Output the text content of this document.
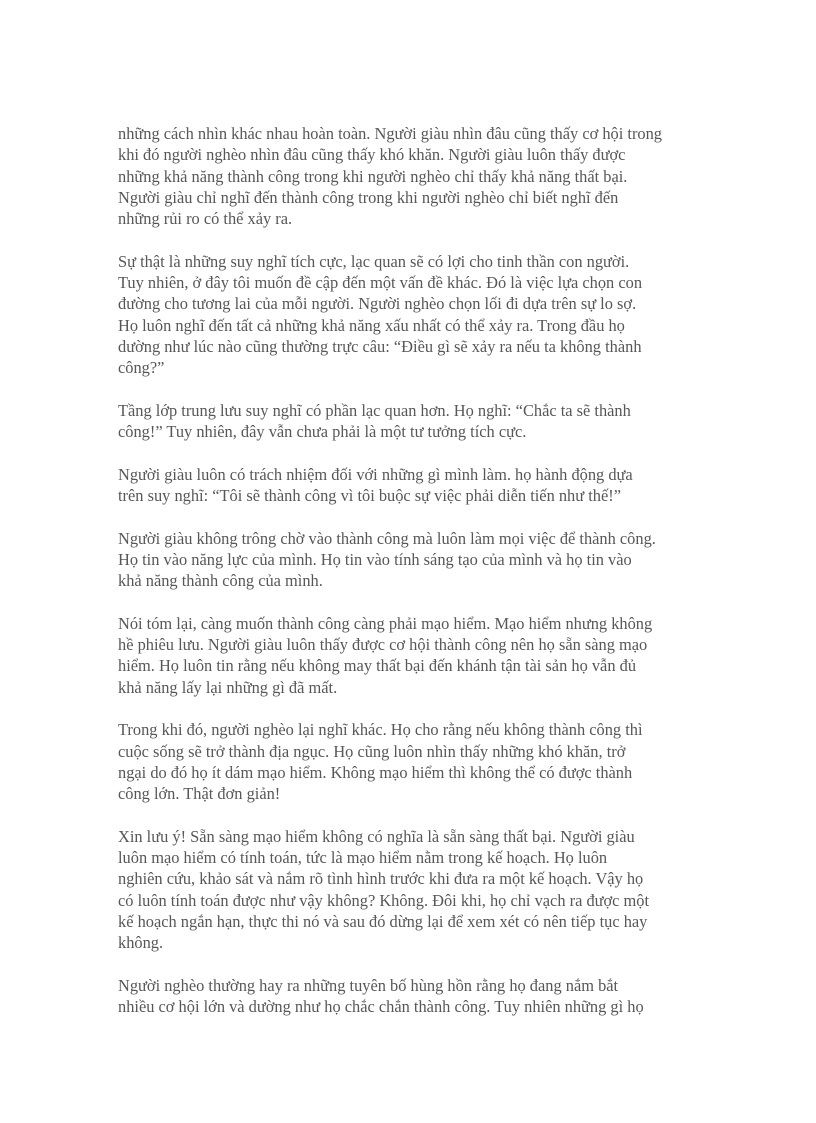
những cách nhìn khác nhau hoàn toàn. Người giàu nhìn đâu cũng thấy cơ hội trong
khi đó người nghèo nhìn đâu cũng thấy khó khăn. Người giàu luôn thấy được
những khả năng thành công trong khi người nghèo chỉ thấy khả năng thất bại.
Người giàu chỉ nghĩ đến thành công trong khi người nghèo chỉ biết nghĩ đến
những rủi ro có thể xảy ra.

Sự thật là những suy nghĩ tích cực, lạc quan sẽ có lợi cho tinh thần con người.
Tuy nhiên, ở đây tôi muốn đề cập đến một vấn đề khác. Đó là việc lựa chọn con
đường cho tương lai của mỗi người. Người nghèo chọn lối đi dựa trên sự lo sợ.
Họ luôn nghĩ đến tất cả những khả năng xấu nhất có thể xảy ra. Trong đầu họ
dường như lúc nào cũng thường trực câu: “Điều gì sẽ xảy ra nếu ta không thành
công?”

Tầng lớp trung lưu suy nghĩ có phần lạc quan hơn. Họ nghĩ: “Chắc ta sẽ thành
công!” Tuy nhiên, đây vẫn chưa phải là một tư tưởng tích cực.

Người giàu luôn có trách nhiệm đối với những gì mình làm. họ hành động dựa
trên suy nghĩ: “Tôi sẽ thành công vì tôi buộc sự việc phải diễn tiến như thế!”

Người giàu không trông chờ vào thành công mà luôn làm mọi việc để thành công.
Họ tin vào năng lực của mình. Họ tin vào tính sáng tạo của mình và họ tin vào
khả năng thành công của mình.

Nói tóm lại, càng muốn thành công càng phải mạo hiểm. Mạo hiểm nhưng không
hề phiêu lưu. Người giàu luôn thấy được cơ hội thành công nên họ sẵn sàng mạo
hiểm. Họ luôn tin rằng nếu không may thất bại đến khánh tận tài sản họ vẫn đủ
khả năng lấy lại những gì đã mất.

Trong khi đó, người nghèo lại nghĩ khác. Họ cho rằng nếu không thành công thì
cuộc sống sẽ trở thành địa ngục. Họ cũng luôn nhìn thấy những khó khăn, trở
ngại do đó họ ít dám mạo hiểm. Không mạo hiểm thì không thể có được thành
công lớn. Thật đơn giản!

Xin lưu ý! Sẵn sàng mạo hiểm không có nghĩa là sẵn sàng thất bại. Người giàu
luôn mạo hiểm có tính toán, tức là mạo hiểm nằm trong kế hoạch. Họ luôn
nghiên cứu, khảo sát và nắm rõ tình hình trước khi đưa ra một kế hoạch. Vậy họ
có luôn tính toán được như vậy không? Không. Đôi khi, họ chỉ vạch ra được một
kế hoạch ngắn hạn, thực thi nó và sau đó dừng lại để xem xét có nên tiếp tục hay
không.

Người nghèo thường hay ra những tuyên bố hùng hồn rằng họ đang nắm bắt
nhiều cơ hội lớn và dường như họ chắc chắn thành công. Tuy nhiên những gì họ
